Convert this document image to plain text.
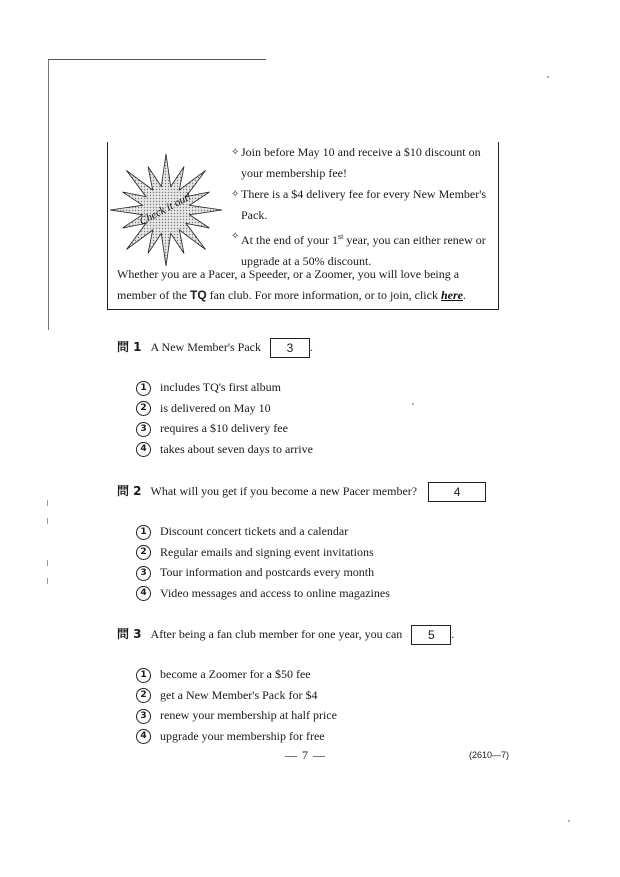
Check it out!
✧ Join before May 10 and receive a $10 discount on
your membership fee!
✧ There is a $4 delivery fee for every New Member's
Pack.
✧ At the end of your 1st year, you can either renew or
upgrade at a 50% discount.
Whether you are a Pacer, a Speeder, or a Zoomer, you will love being a
member of the TQ fan club. For more information, or to join, click here.
問 1 A New Member's Pack 3 .
1 includes TQ's first album
2 is delivered on May 10
3 requires a $10 delivery fee
4 takes about seven days to arrive
問 2 What will you get if you become a new Pacer member?	4
1 Discount concert tickets and a calendar
2 Regular emails and signing event invitations
3 Tour information and postcards every month
4 Video messages and access to online magazines
問 3 After being a fan club member for one year, you can 5 .
1 become a Zoomer for a $50 fee
2 get a New Member's Pack for $4
3 renew your membership at half price
4 upgrade your membership for free
— 7 —	(2610—7)
